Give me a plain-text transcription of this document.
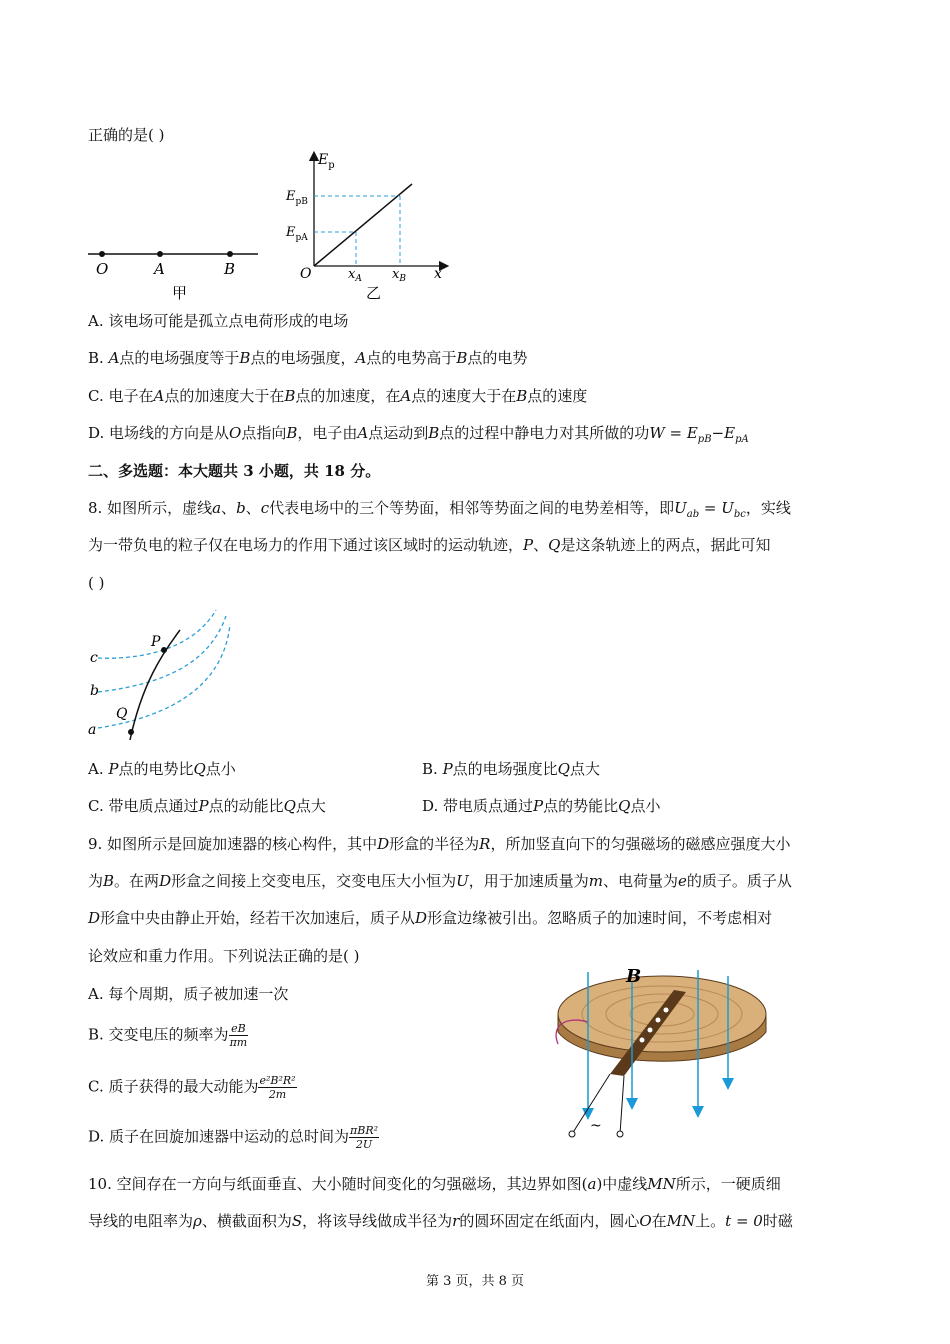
正确的是( )
O	A	B
甲
$E_p$
$E_{pB}$
$E_{pA}$
O	$x_A$ $x_B$ x
乙
A. 该电场可能是孤立点电荷形成的电场
B. A点的电场强度等于B点的电场强度，A点的电势高于B点的电势
C. 电子在A点的加速度大于在B点的加速度，在A点的速度大于在B点的速度
D. 电场线的方向是从O点指向B，电子由A点运动到B点的过程中静电力对其所做的功$W = E_{pB}-E_{pA}$
二、多选题：本大题共 3 小题，共 18 分。
8. 如图所示，虚线a、b、c代表电场中的三个等势面，相邻等势面之间的电势差相等，即$U_{ab} = U_{bc}$，实线
为一带负电的粒子仅在电场力的作用下通过该区域时的运动轨迹，P、Q是这条轨迹上的两点，据此可知
( )
c
b
a
P
Q
A. P点的电势比Q点小	B. P点的电场强度比Q点大
C. 带电质点通过P点的动能比Q点大	D. 带电质点通过P点的势能比Q点小
9. 如图所示是回旋加速器的核心构件，其中D形盒的半径为R，所加竖直向下的匀强磁场的磁感应强度大小
为B。在两D形盒之间接上交变电压，交变电压大小恒为U，用于加速质量为m、电荷量为e的质子。质子从
D形盒中央由静止开始，经若干次加速后，质子从D形盒边缘被引出。忽略质子的加速时间，不考虑相对
论效应和重力作用。下列说法正确的是( )
A. 每个周期，质子被加速一次
B. 交变电压的频率为 $\frac{eB}{\pi m}$
C. 质子获得的最大动能为 $\frac{\text{e²B²R²}}{2m}$
D. 质子在回旋加速器中运动的总时间为 $\frac{\text{πBR²}}{2U}$
B
~
10. 空间存在一方向与纸面垂直、大小随时间变化的匀强磁场，其边界如图(a)中虚线MN所示，一硬质细
导线的电阻率为ρ、横截面积为S，将该导线做成半径为r的圆环固定在纸面内，圆心O在MN上。t = 0时磁
第 3 页，共 8 页
